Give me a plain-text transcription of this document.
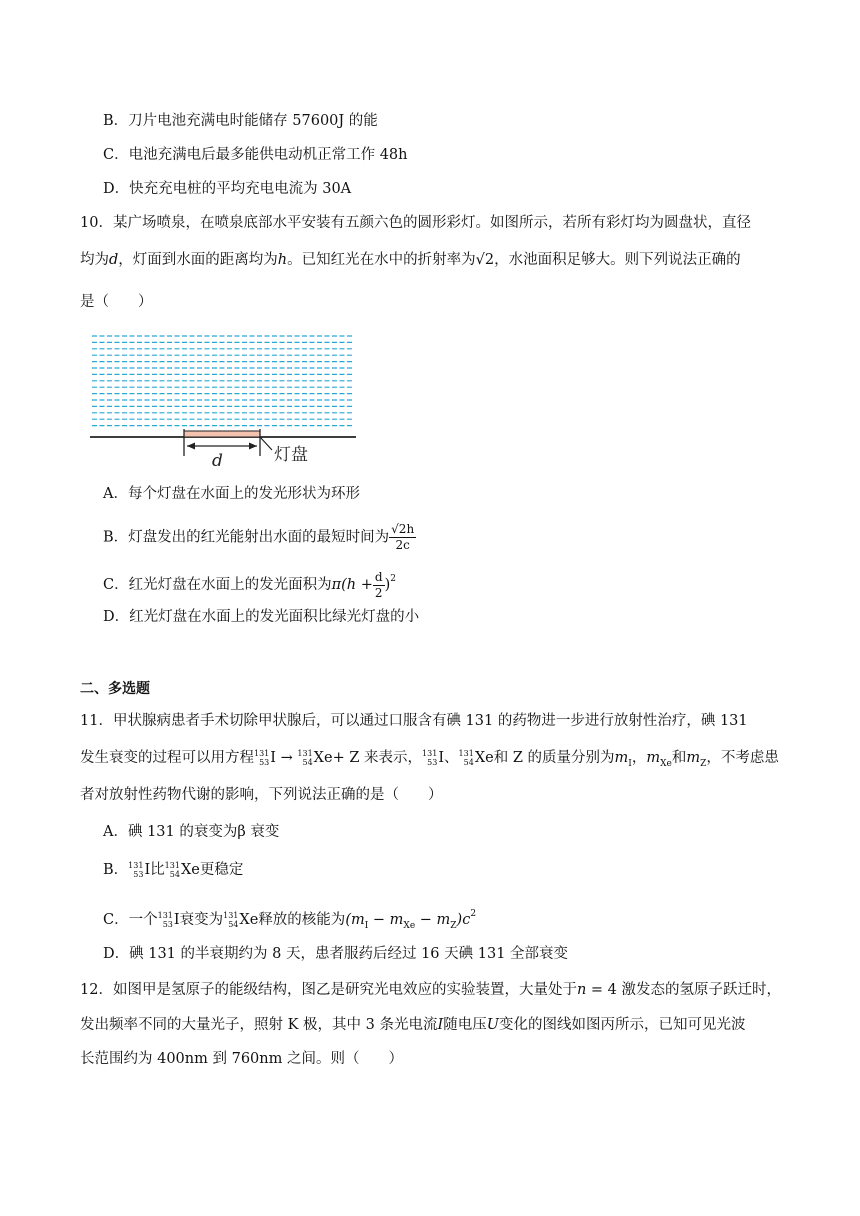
B．刀片电池充满电时能储存 57600J 的能
C．电池充满电后最多能供电动机正常工作 48h
D．快充充电桩的平均充电电流为 30A
10．某广场喷泉，在喷泉底部水平安装有五颜六色的圆形彩灯。如图所示，若所有彩灯均为圆盘状，直径
均为d，灯面到水面的距离均为h。已知红光在水中的折射率为√2，水池面积足够大。则下列说法正确的
是（　　）
d	灯盘
A．每个灯盘在水面上的发光形状为环形
B．灯盘发出的红光能射出水面的最短时间为 $\frac{√2h}{2c}$
C．红光灯盘在水面上的发光面积为$\pi(h + \frac{d}{2} )^2$
D．红光灯盘在水面上的发光面积比绿光灯盘的小
二、多选题
11．甲状腺病患者手术切除甲状腺后，可以通过口服含有碘 131 的药物进一步进行放射性治疗，碘 131
发生衰变的过程可以用方程 131
53 I → 131
54 Xe+ Z 来表示， 131
53 I、 131
54 Xe和 Z 的质量分别为$m_I$，$m_{Xe}$和$m_Z$，不考虑患
者对放射性药物代谢的影响，下列说法正确的是（　　）
A．碘 131 的衰变为β 衰变
B． 131
53 I比 131
54 Xe更稳定
C．一个 131
53 I衰变为 131
54 Xe释放的核能为$(m_I - m_{Xe} - m_Z)c^2$
D．碘 131 的半衰期约为 8 天，患者服药后经过 16 天碘 131 全部衰变
12．如图甲是氢原子的能级结构，图乙是研究光电效应的实验装置，大量处于n = 4 激发态的氢原子跃迁时，
发出频率不同的大量光子，照射 K 极，其中 3 条光电流I随电压U变化的图线如图丙所示，已知可见光波
长范围约为 400nm 到 760nm 之间。则（　　）
